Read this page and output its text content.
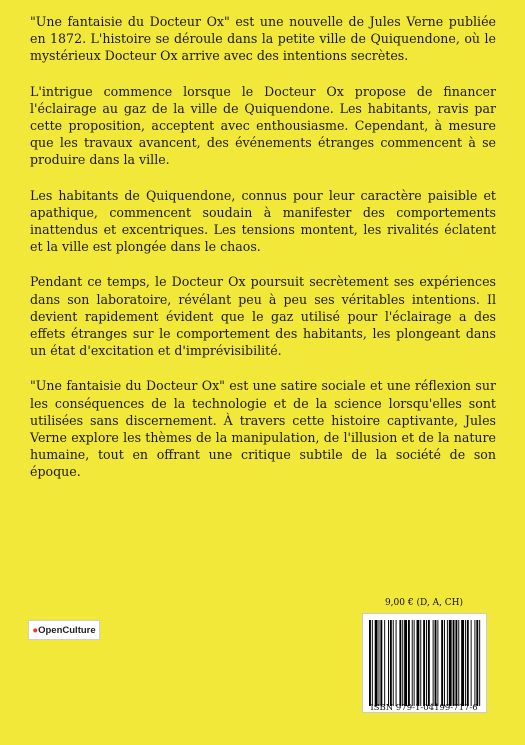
"Une fantaisie du Docteur Ox" est une nouvelle de Jules Verne publiée en 1872. L'histoire se déroule dans la petite ville de Quiquendone, où le mystérieux Docteur Ox arrive avec des intentions secrètes.

L'intrigue commence lorsque le Docteur Ox propose de financer l'éclairage au gaz de la ville de Quiquendone. Les habitants, ravis par cette proposition, acceptent avec enthousiasme. Cependant, à mesure que les travaux avancent, des événements étranges commencent à se produire dans la ville.

Les habitants de Quiquendone, connus pour leur caractère paisible et apathique, commencent soudain à manifester des comportements inattendus et excentriques. Les tensions montent, les rivalités éclatent et la ville est plongée dans le chaos.

Pendant ce temps, le Docteur Ox poursuit secrètement ses expériences dans son laboratoire, révélant peu à peu ses véritables intentions. Il devient rapidement évident que le gaz utilisé pour l'éclairage a des effets étranges sur le comportement des habitants, les plongeant dans un état d'excitation et d'imprévisibilité.

"Une fantaisie du Docteur Ox" est une satire sociale et une réflexion sur les conséquences de la technologie et de la science lorsqu'elles sont utilisées sans discernement. À travers cette histoire captivante, Jules Verne explore les thèmes de la manipulation, de l'illusion et de la nature humaine, tout en offrant une critique subtile de la société de son époque.

● Open Culture
9,00 € (D, A, CH)
ISBN 979-1-04199-717-6
